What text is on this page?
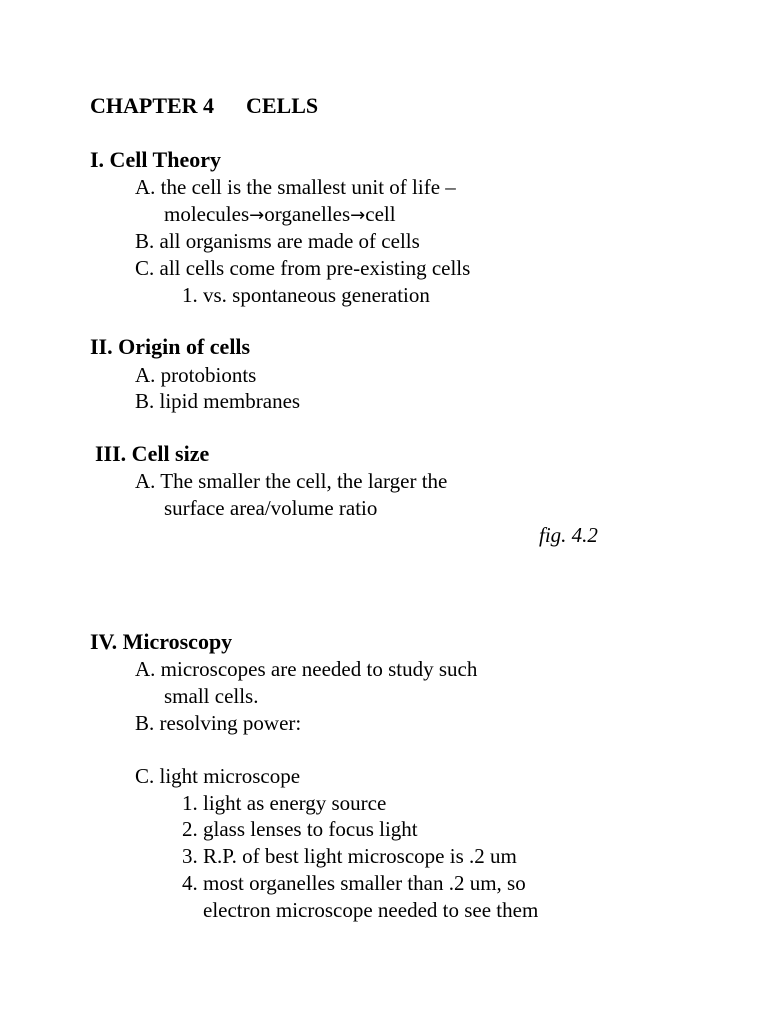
CHAPTER 4 CELLS
I. Cell Theory
A. the cell is the smallest unit of life –
molecules→organelles→cell
B. all organisms are made of cells
C. all cells come from pre-existing cells
1. vs. spontaneous generation
II. Origin of cells
A. protobionts
B. lipid membranes
III. Cell size
A. The smaller the cell, the larger the
surface area/volume ratio
fig. 4.2
IV. Microscopy
A. microscopes are needed to study such
small cells.
B. resolving power:
C. light microscope
1. light as energy source
2. glass lenses to focus light
3. R.P. of best light microscope is .2 um
4. most organelles smaller than .2 um, so
electron microscope needed to see them
